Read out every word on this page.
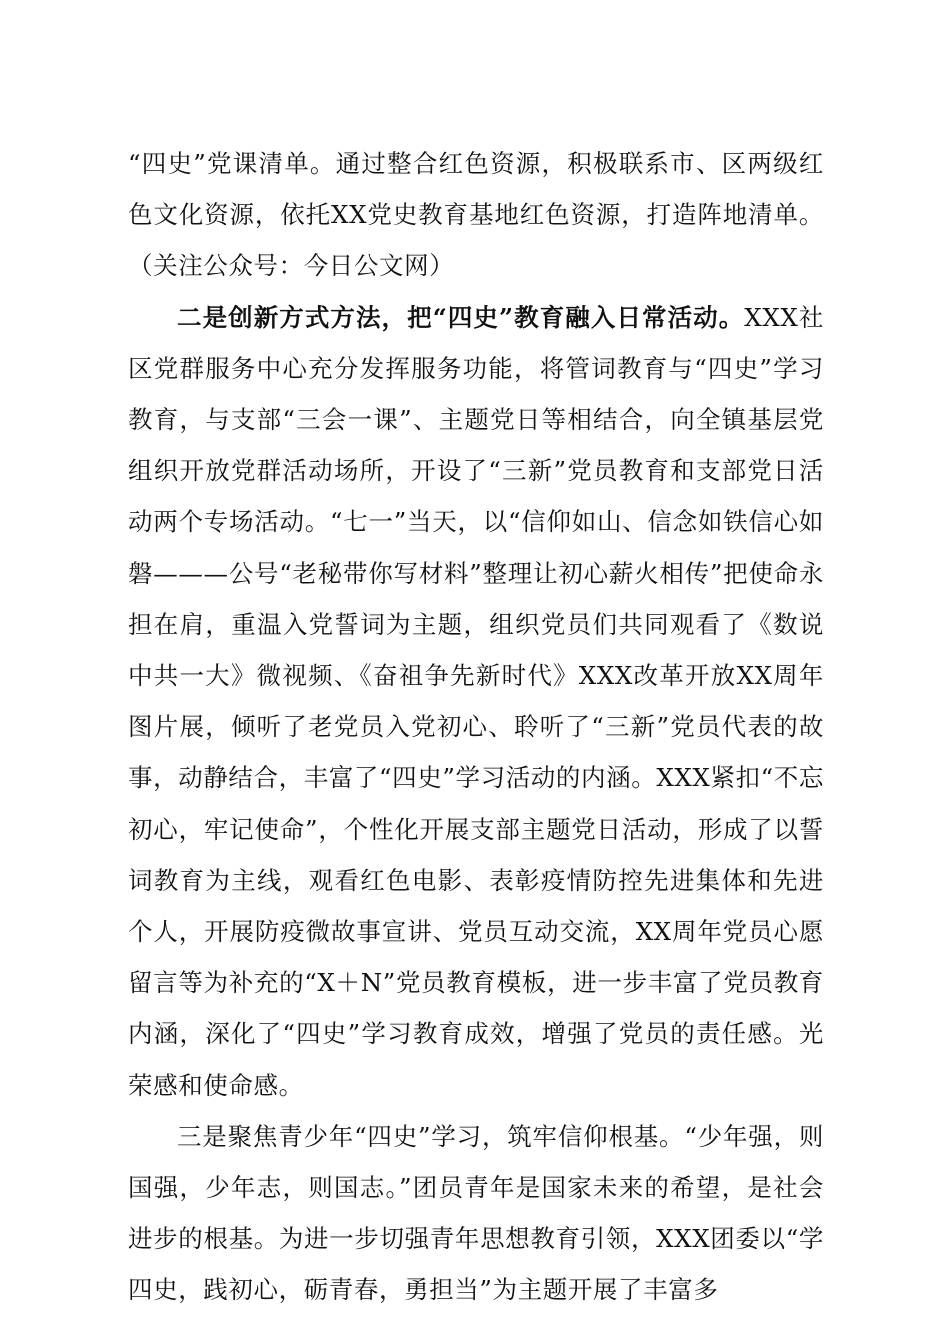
“四史”党课清单。通过整合红色资源，积极联系市、区两级红色文化资源，依托XX党史教育基地红色资源，打造阵地清单。（关注公众号：今日公文网）

二是创新方式方法，把“四史”教育融入日常活动。XXX社区党群服务中心充分发挥服务功能，将管词教育与“四史”学习教育，与支部“三会一课”、主题党日等相结合，向全镇基层党组织开放党群活动场所，开设了“三新”党员教育和支部党日活动两个专场活动。“七一”当天，以“信仰如山、信念如铁信心如磐———公号“老秘带你写材料”整理让初心薪火相传”把使命永担在肩，重温入党誓词为主题，组织党员们共同观看了《数说中共一大》微视频、《奋祖争先新时代》XXX改革开放XX周年图片展，倾听了老党员入党初心、聆听了“三新”党员代表的故事，动静结合，丰富了“四史”学习活动的内涵。XXX紧扣“不忘初心，牢记使命”，个性化开展支部主题党日活动，形成了以誓词教育为主线，观看红色电影、表彰疫情防控先进集体和先进个人，开展防疫微故事宣讲、党员互动交流，XX周年党员心愿留言等为补充的“X＋N”党员教育模板，进一步丰富了党员教育内涵，深化了“四史”学习教育成效，增强了党员的责任感。光荣感和使命感。

三是聚焦青少年“四史”学习，筑牢信仰根基。“少年强，则国强，少年志，则国志。”团员青年是国家未来的希望，是社会进步的根基。为进一步切强青年思想教育引领，XXX团委以“学四史，践初心，砺青春，勇担当”为主题开展了丰富多
